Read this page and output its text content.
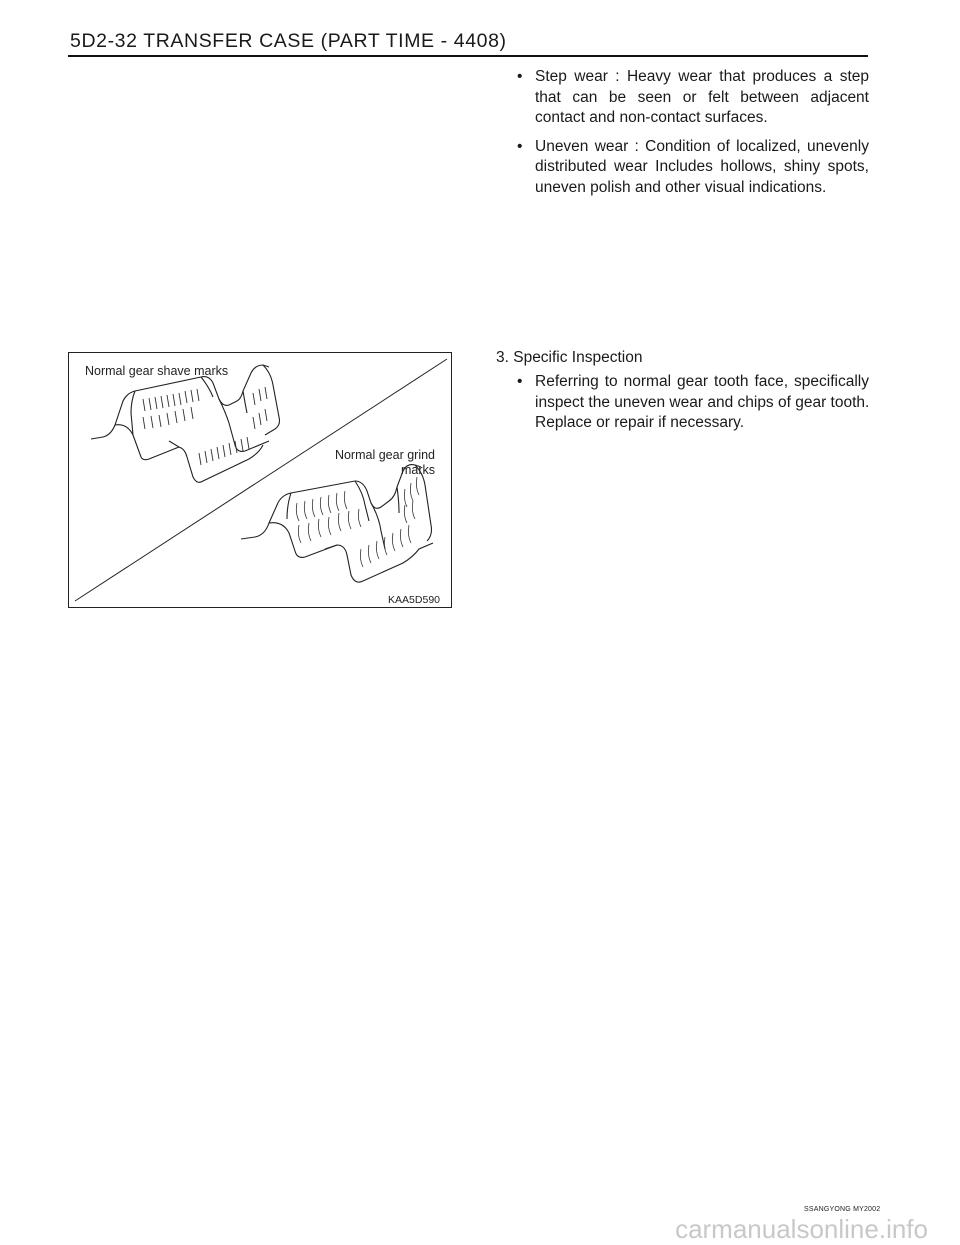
5D2-32 TRANSFER CASE (PART TIME - 4408)
• Step wear : Heavy wear that produces a step
that can be seen or felt between adjacent
contact and non-contact surfaces.
• Uneven wear : Condition of localized, unevenly
distributed wear Includes hollows, shiny spots,
uneven polish and other visual indications.
Normal gear shave marks
Normal gear grind
marks
KAA5D590
3. Specific Inspection
• Referring to normal gear tooth face, specifically
inspect the uneven wear and chips of gear tooth.
Replace or repair if necessary.
SSANGYONG MY2002
carmanualsonline.info
